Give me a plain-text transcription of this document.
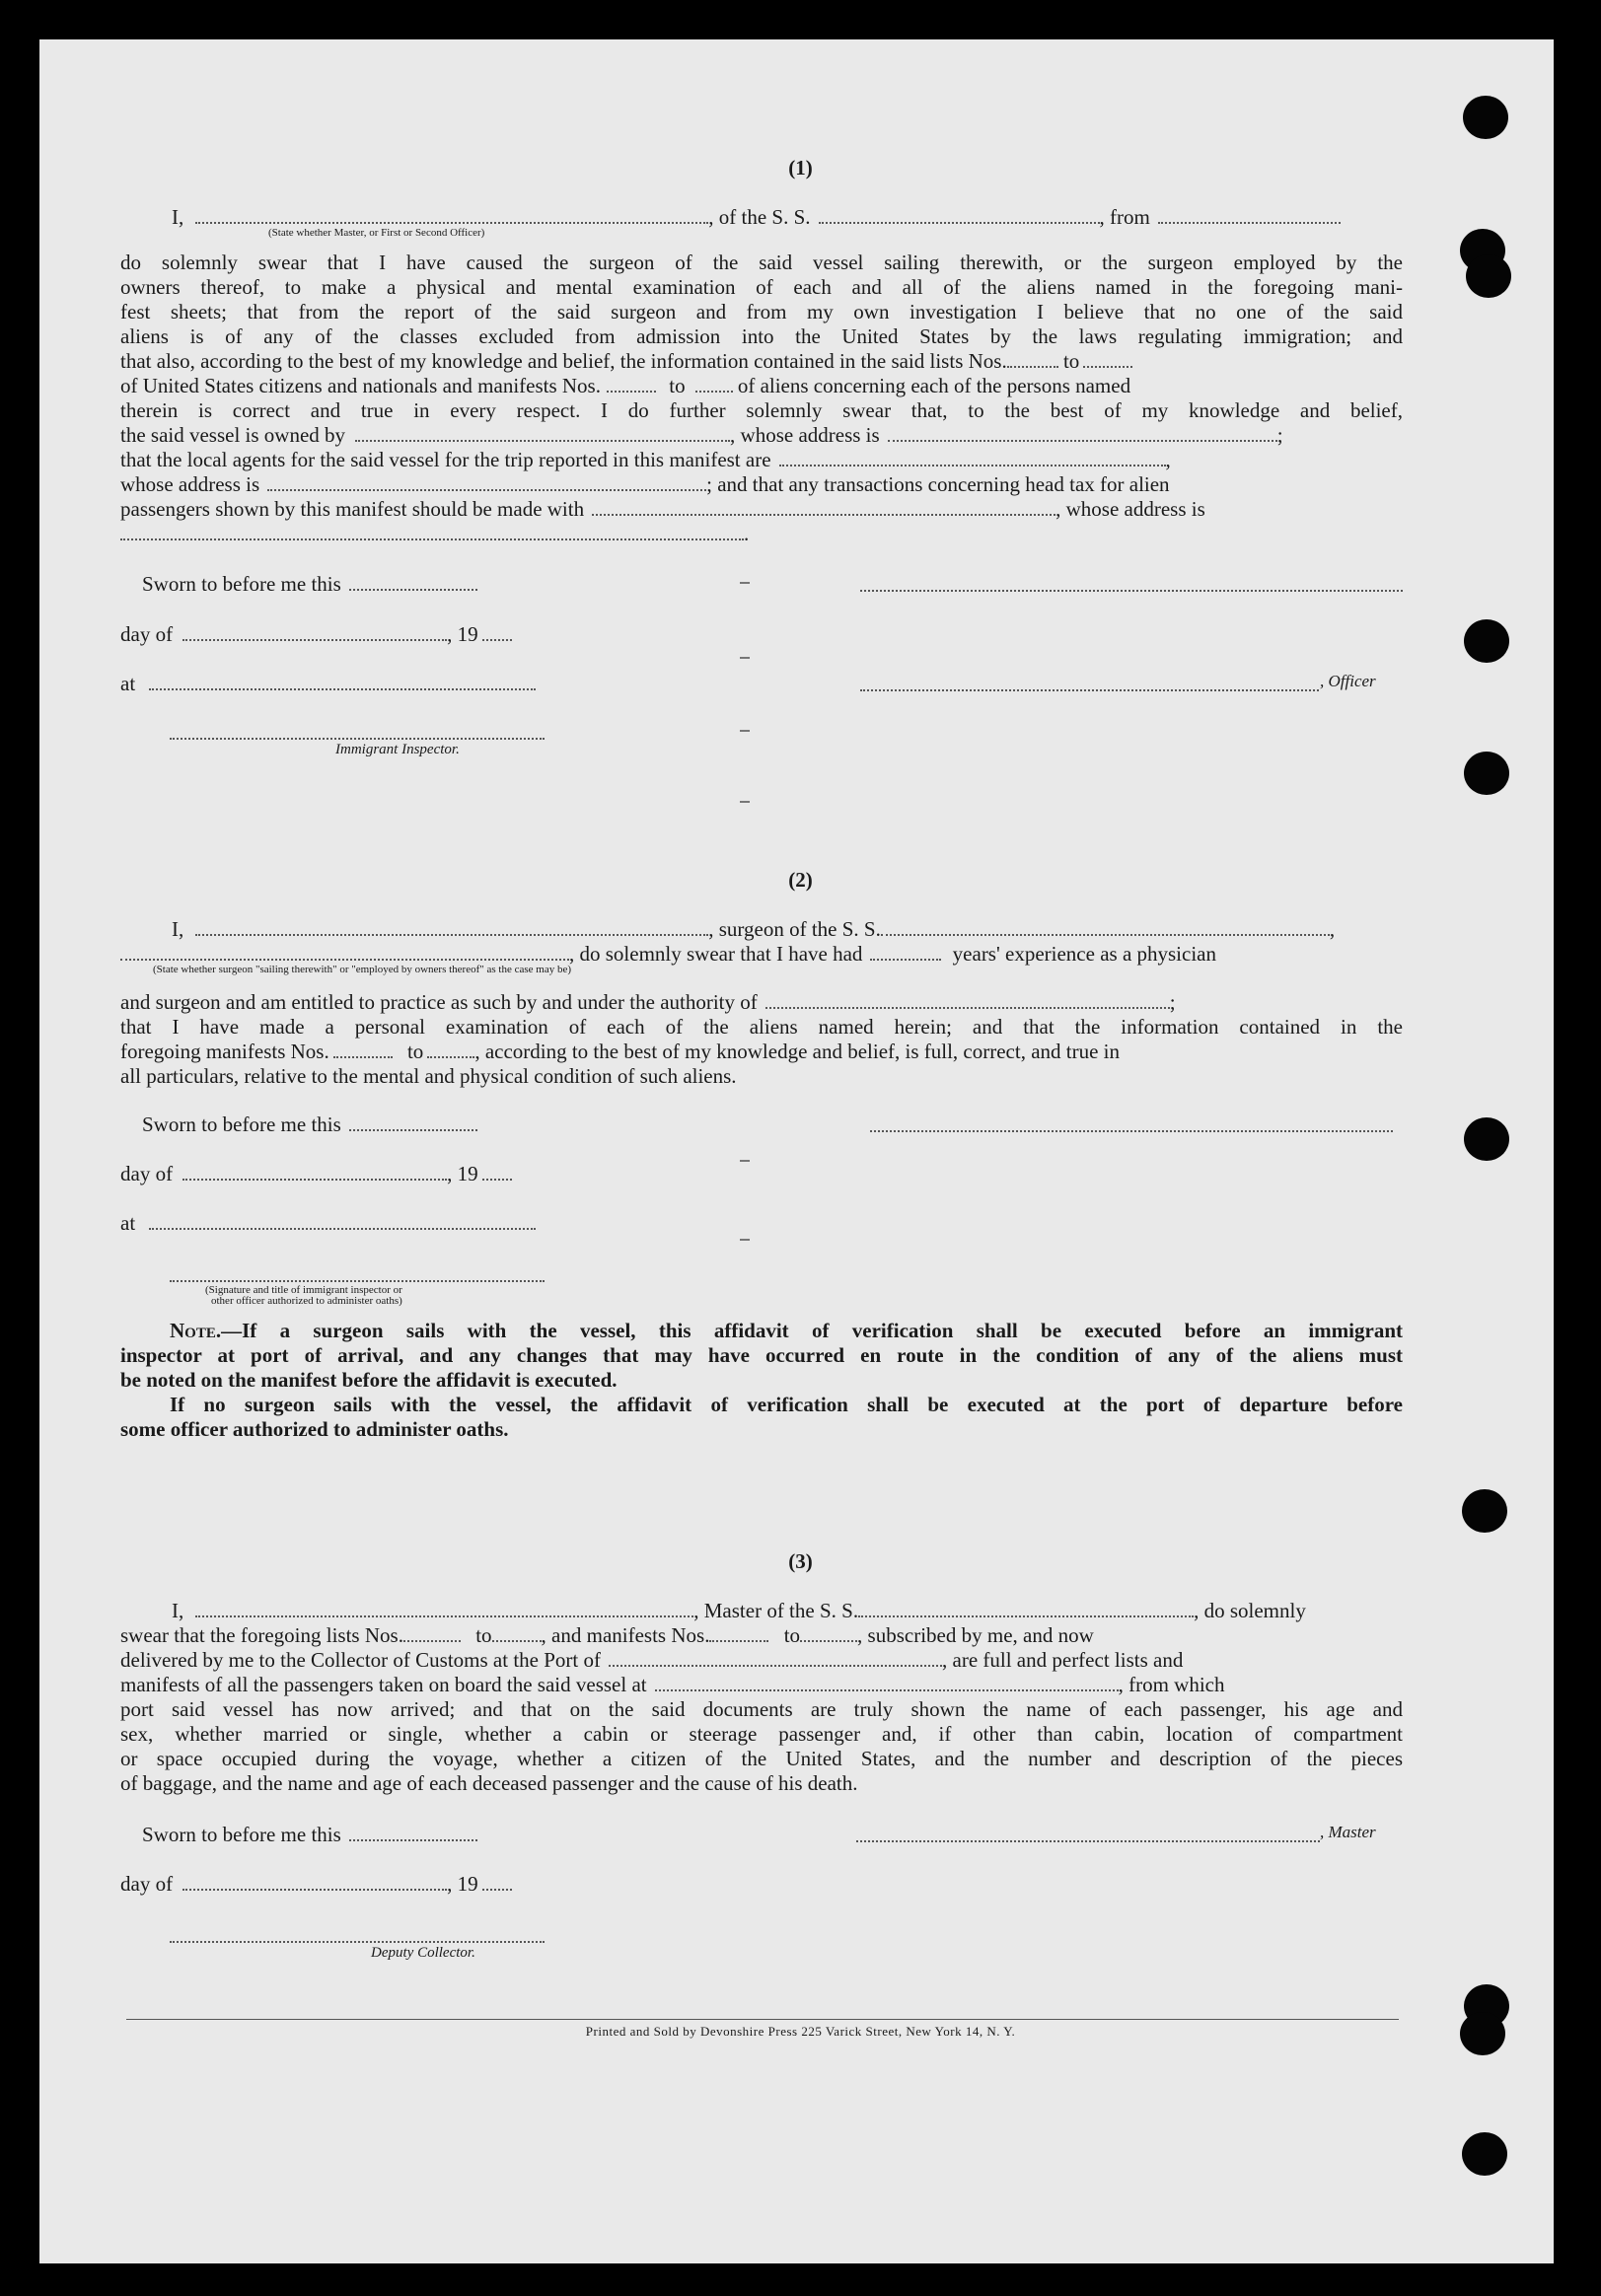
(1)
I,	, of the S. S.	, from
(State whether Master, or First or Second Officer)
do solemnly swear that I have caused the surgeon of the said vessel sailing therewith, or the surgeon employed by the
owners thereof, to make a physical and mental examination of each and all of the aliens named in the foregoing mani-
fest sheets; that from the report of the said surgeon and from my own investigation I believe that no one of the said
aliens is of any of the classes excluded from admission into the United States by the laws regulating immigration; and
that also, according to the best of my knowledge and belief, the information contained in the said lists Nos.	to
of United States citizens and nationals and manifests Nos.	to	of aliens concerning each of the persons named
therein is correct and true in every respect. I do further solemnly swear that, to the best of my knowledge and belief,
the said vessel is owned by	, whose address is	;
that the local agents for the said vessel for the trip reported in this manifest are	,
whose address is	; and that any transactions concerning head tax for alien
passengers shown by this manifest should be made with	, whose address is
.
Sworn to before me this
day of	, 19
at	, Officer
Immigrant Inspector.
(2)
I,	, surgeon of the S. S.	,
, do solemnly swear that I have had	years' experience as a physician
(State whether surgeon "sailing therewith" or "employed by owners thereof" as the case may be)
and surgeon and am entitled to practice as such by and under the authority of	;
that I have made a personal examination of each of the aliens named herein; and that the information contained in the
foregoing manifests Nos.	to , according to the best of my knowledge and belief, is full, correct, and true in
all particulars, relative to the mental and physical condition of such aliens.
Sworn to before me this
day of	, 19
at
(Signature and title of immigrant inspector or
other officer authorized to administer oaths)
Note.—If a surgeon sails with the vessel, this affidavit of verification shall be executed before an immigrant
inspector at port of arrival, and any changes that may have occurred en route in the condition of any of the aliens must
be noted on the manifest before the affidavit is executed.
If no surgeon sails with the vessel, the affidavit of verification shall be executed at the port of departure before
some officer authorized to administer oaths.
(3)
I,	, Master of the S. S.	, do solemnly
swear that the foregoing lists Nos.	to , and manifests Nos.	to	, subscribed by me, and now
delivered by me to the Collector of Customs at the Port of	, are full and perfect lists and
manifests of all the passengers taken on board the said vessel at	, from which
port said vessel has now arrived; and that on the said documents are truly shown the name of each passenger, his age and
sex, whether married or single, whether a cabin or steerage passenger and, if other than cabin, location of compartment
or space occupied during the voyage, whether a citizen of the United States, and the number and description of the pieces
of baggage, and the name and age of each deceased passenger and the cause of his death.
Sworn to before me this	, Master
day of	, 19
Deputy Collector.
Printed and Sold by Devonshire Press 225 Varick Street, New York 14, N. Y.
